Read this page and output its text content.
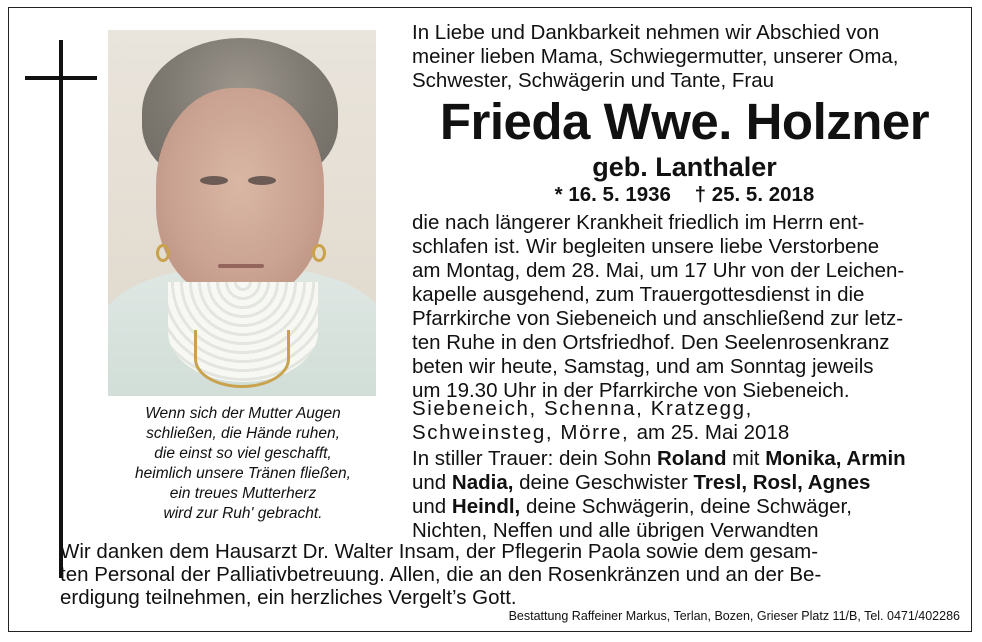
Wenn sich der Mutter Augen
schließen, die Hände ruhen,
die einst so viel geschafft,
heimlich unsere Tränen fließen,
ein treues Mutterherz
wird zur Ruh' gebracht.
In Liebe und Dankbarkeit nehmen wir Abschied von
meiner lieben Mama, Schwiegermutter, unserer Oma,
Schwester, Schwägerin und Tante, Frau
Frieda Wwe. Holzner
geb. Lanthaler
* 16. 5. 1936 † 25. 5. 2018
die nach längerer Krankheit friedlich im Herrn ent-
schlafen ist. Wir begleiten unsere liebe Verstorbene
am Montag, dem 28. Mai, um 17 Uhr von der Leichen-
kapelle ausgehend, zum Trauergottesdienst in die
Pfarrkirche von Siebeneich und anschließend zur letz-
ten Ruhe in den Ortsfriedhof. Den Seelenrosenkranz
beten wir heute, Samstag, und am Sonntag jeweils
um 19.30 Uhr in der Pfarrkirche von Siebeneich.
Siebeneich, Schenna, Kratzegg,
Schweinsteg, Mörre, am 25. Mai 2018
In stiller Trauer: dein Sohn Roland mit Monika, Armin
und Nadia, deine Geschwister Tresl, Rosl, Agnes
und Heindl, deine Schwägerin, deine Schwäger,
Nichten, Neffen und alle übrigen Verwandten
Wir danken dem Hausarzt Dr. Walter Insam, der Pflegerin Paola sowie dem gesam-
ten Personal der Palliativbetreuung. Allen, die an den Rosenkränzen und an der Be-
erdigung teilnehmen, ein herzliches Vergelt’s Gott.
Bestattung Raffeiner Markus, Terlan, Bozen, Grieser Platz 11/B, Tel. 0471/402286
